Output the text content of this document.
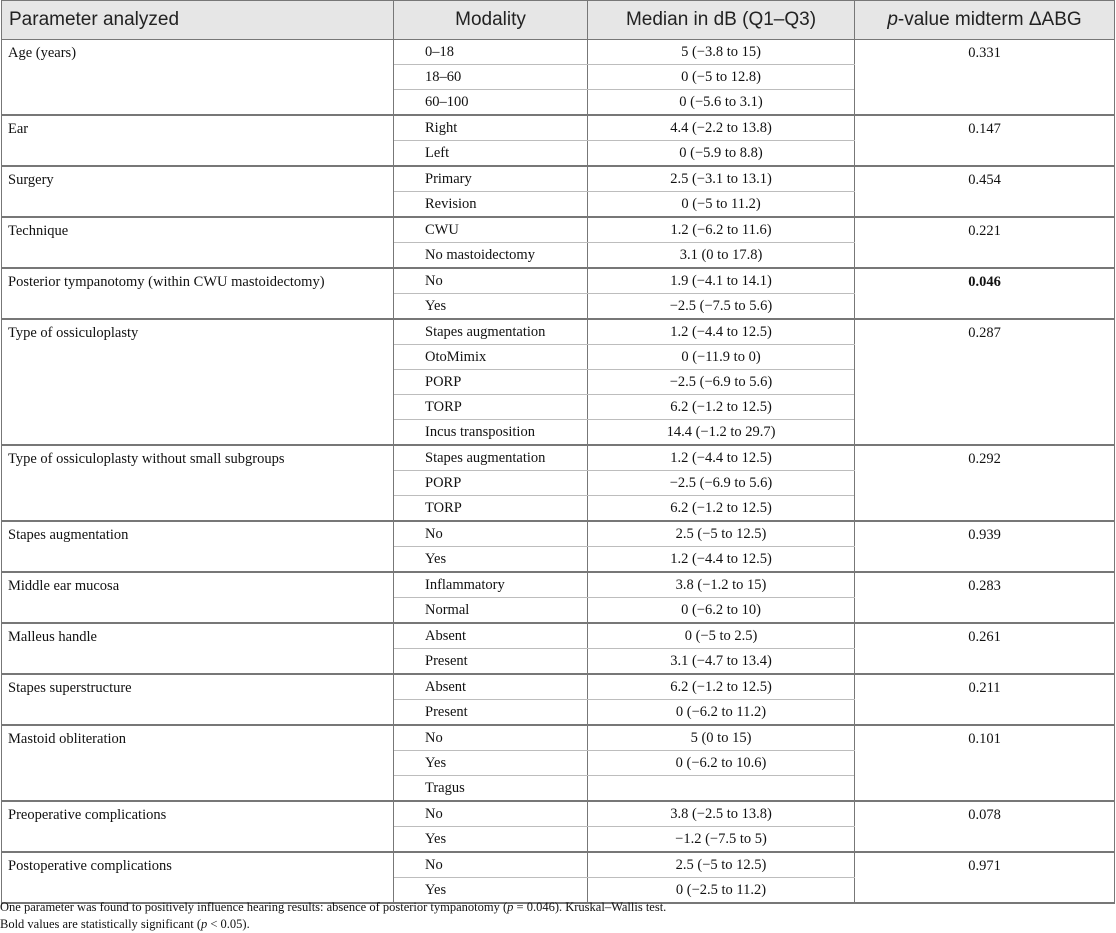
Parameter analyzed	Modality	Median in dB (Q1–Q3)	p-value midterm ΔABG
Age (years)	0–18	5 (−3.8 to 15)	0.331
	18–60	0 (−5 to 12.8)	
	60–100	0 (−5.6 to 3.1)	
Ear	Right	4.4 (−2.2 to 13.8)	0.147
	Left	0 (−5.9 to 8.8)	
Surgery	Primary	2.5 (−3.1 to 13.1)	0.454
	Revision	0 (−5 to 11.2)	
Technique	CWU	1.2 (−6.2 to 11.6)	0.221
	No mastoidectomy	3.1 (0 to 17.8)	
Posterior tympanotomy (within CWU mastoidectomy)	No	1.9 (−4.1 to 14.1)	0.046
	Yes	−2.5 (−7.5 to 5.6)	
Type of ossiculoplasty	Stapes augmentation	1.2 (−4.4 to 12.5)	0.287
	OtoMimix	0 (−11.9 to 0)	
	PORP	−2.5 (−6.9 to 5.6)	
	TORP	6.2 (−1.2 to 12.5)	
	Incus transposition	14.4 (−1.2 to 29.7)	
Type of ossiculoplasty without small subgroups	Stapes augmentation	1.2 (−4.4 to 12.5)	0.292
	PORP	−2.5 (−6.9 to 5.6)	
	TORP	6.2 (−1.2 to 12.5)	
Stapes augmentation	No	2.5 (−5 to 12.5)	0.939
	Yes	1.2 (−4.4 to 12.5)	
Middle ear mucosa	Inflammatory	3.8 (−1.2 to 15)	0.283
	Normal	0 (−6.2 to 10)	
Malleus handle	Absent	0 (−5 to 2.5)	0.261
	Present	3.1 (−4.7 to 13.4)	
Stapes superstructure	Absent	6.2 (−1.2 to 12.5)	0.211
	Present	0 (−6.2 to 11.2)	
Mastoid obliteration	No	5 (0 to 15)	0.101
	Yes	0 (−6.2 to 10.6)	
	Tragus		
Preoperative complications	No	3.8 (−2.5 to 13.8)	0.078
	Yes	−1.2 (−7.5 to 5)	
Postoperative complications	No	2.5 (−5 to 12.5)	0.971
	Yes	0 (−2.5 to 11.2)	
One parameter was found to positively influence hearing results: absence of posterior tympanotomy (p = 0.046). Kruskal–Wallis test.
Bold values are statistically significant (p < 0.05).
